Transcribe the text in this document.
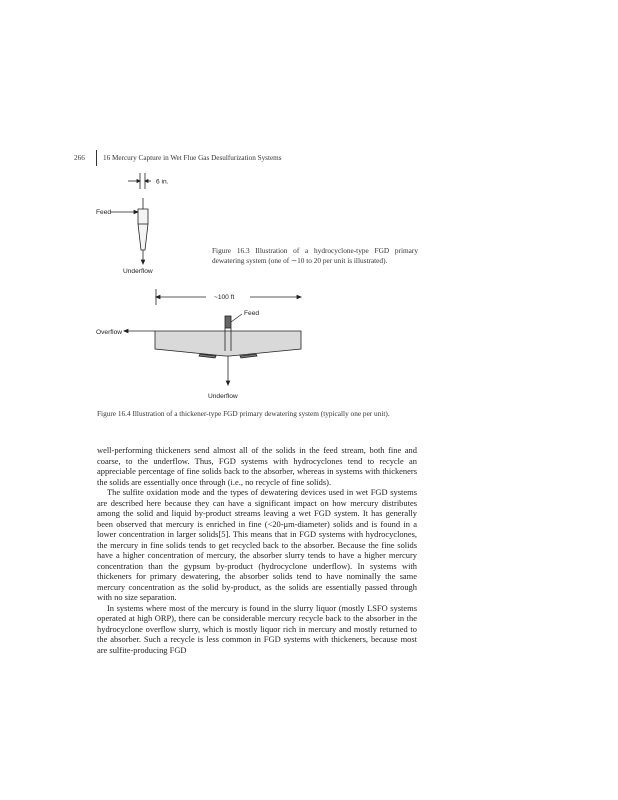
266	16 Mercury Capture in Wet Flue Gas Desulfurization Systems
6 in.
Feed
Underflow
Figure 16.3 Illustration of a hydrocyclone-type FGD primary dewatering system (one of ∼10 to 20 per unit is illustrated).
~100 ft
Feed
Overflow
Underflow
Figure 16.4 Illustration of a thickener-type FGD primary dewatering system (typically one per unit).

well-performing thickeners send almost all of the solids in the feed stream, both fine and coarse, to the underflow. Thus, FGD systems with hydrocyclones tend to recycle an appreciable percentage of fine solids back to the absorber, whereas in systems with thickeners the solids are essentially once through (i.e., no recycle of fine solids).

The sulfite oxidation mode and the types of dewatering devices used in wet FGD systems are described here because they can have a significant impact on how mercury distributes among the solid and liquid by-product streams leaving a wet FGD system. It has generally been observed that mercury is enriched in fine (<20-μm-diameter) solids and is found in a lower concentration in larger solids[5]. This means that in FGD systems with hydrocyclones, the mercury in fine solids tends to get recycled back to the absorber. Because the fine solids have a higher concentration of mercury, the absorber slurry tends to have a higher mercury concentration than the gypsum by-product (hydrocyclone underflow). In systems with thickeners for primary dewatering, the absorber solids tend to have nominally the same mercury concentration as the solid by-product, as the solids are essentially passed through with no size separation.

In systems where most of the mercury is found in the slurry liquor (mostly LSFO systems operated at high ORP), there can be considerable mercury recycle back to the absorber in the hydrocyclone overflow slurry, which is mostly liquor rich in mercury and mostly returned to the absorber. Such a recycle is less common in FGD systems with thickeners, because most are sulfite-producing FGD
